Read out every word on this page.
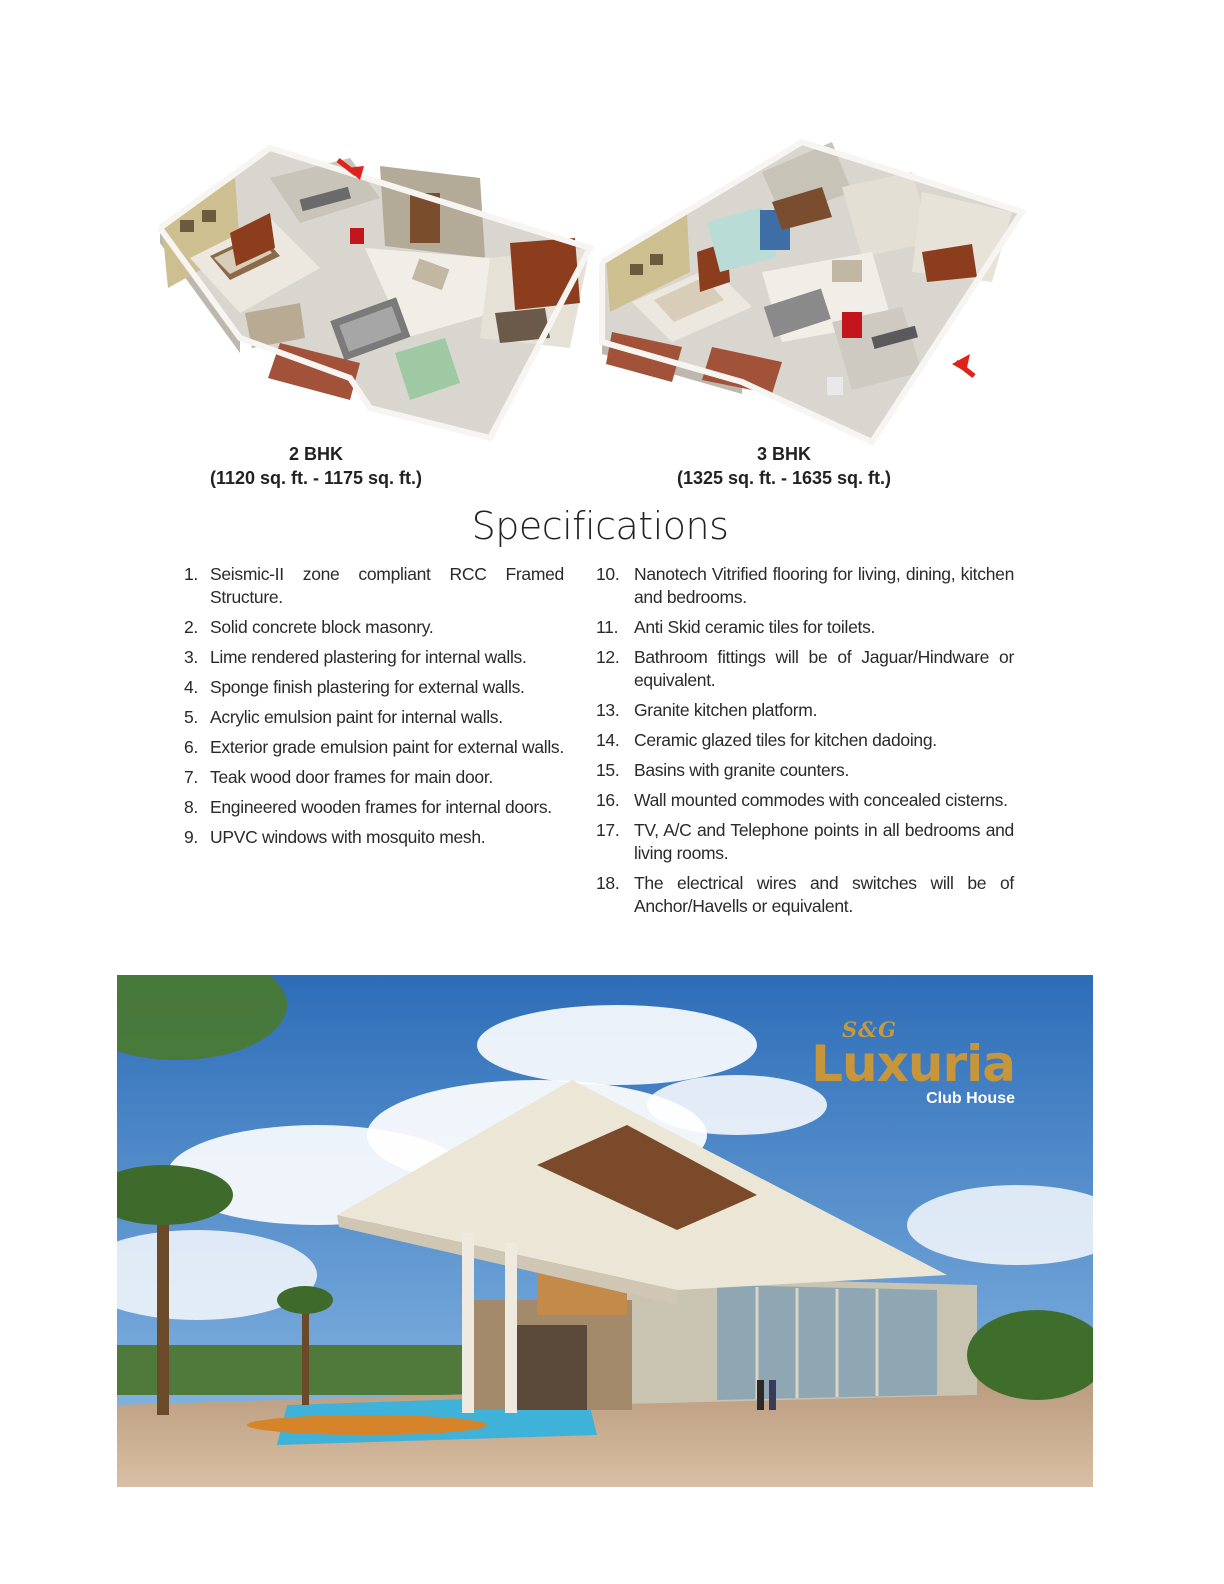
2 BHK
(1120 sq. ft. - 1175 sq. ft.)
3 BHK
(1325 sq. ft. - 1635 sq. ft.)
Specifications
1. Seismic-II zone compliant RCC Framed Structure.
2. Solid concrete block masonry.
3. Lime rendered plastering for internal walls.
4. Sponge finish plastering for external walls.
5. Acrylic emulsion paint for internal walls.
6. Exterior grade emulsion paint for external walls.
7. Teak wood door frames for main door.
8. Engineered wooden frames for internal doors.
9. UPVC windows with mosquito mesh.
10. Nanotech Vitrified flooring for living, dining, kitchen and bedrooms.
11. Anti Skid ceramic tiles for toilets.
12. Bathroom fittings will be of Jaguar/Hindware or equivalent.
13. Granite kitchen platform.
14. Ceramic glazed tiles for kitchen dadoing.
15. Basins with granite counters.
16. Wall mounted commodes with concealed cisterns.
17. TV, A/C and Telephone points in all bedrooms and living rooms.
18. The electrical wires and switches will be of Anchor/Havells or equivalent.
S&G
Luxuria
Club House
